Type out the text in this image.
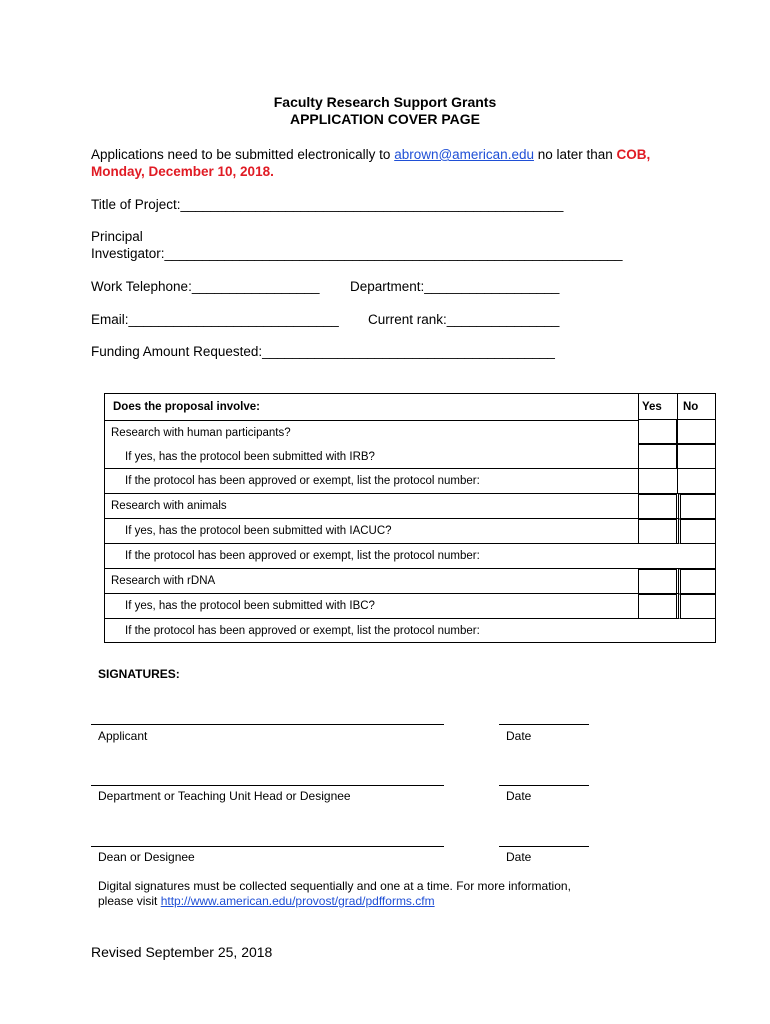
Faculty Research Support Grants
APPLICATION COVER PAGE
Applications need to be submitted electronically to abrown@american.edu no later than COB,
Monday, December 10, 2018.
Title of Project:___________________________________________________
Principal
Investigator:_____________________________________________________________
Work Telephone:_________________ Department:__________________
Email:____________________________ Current rank:_______________
Funding Amount Requested:_______________________________________
Does the proposal involve:	Yes No
Research with human participants?
If yes, has the protocol been submitted with IRB?
If the protocol has been approved or exempt, list the protocol number:
Research with animals
If yes, has the protocol been submitted with IACUC?
If the protocol has been approved or exempt, list the protocol number:
Research with rDNA
If yes, has the protocol been submitted with IBC?
If the protocol has been approved or exempt, list the protocol number:
SIGNATURES:
Applicant	Date
Department or Teaching Unit Head or Designee	Date
Dean or Designee	Date
Digital signatures must be collected sequentially and one at a time. For more information,
please visit http://www.american.edu/provost/grad/pdfforms.cfm
Revised September 25, 2018
